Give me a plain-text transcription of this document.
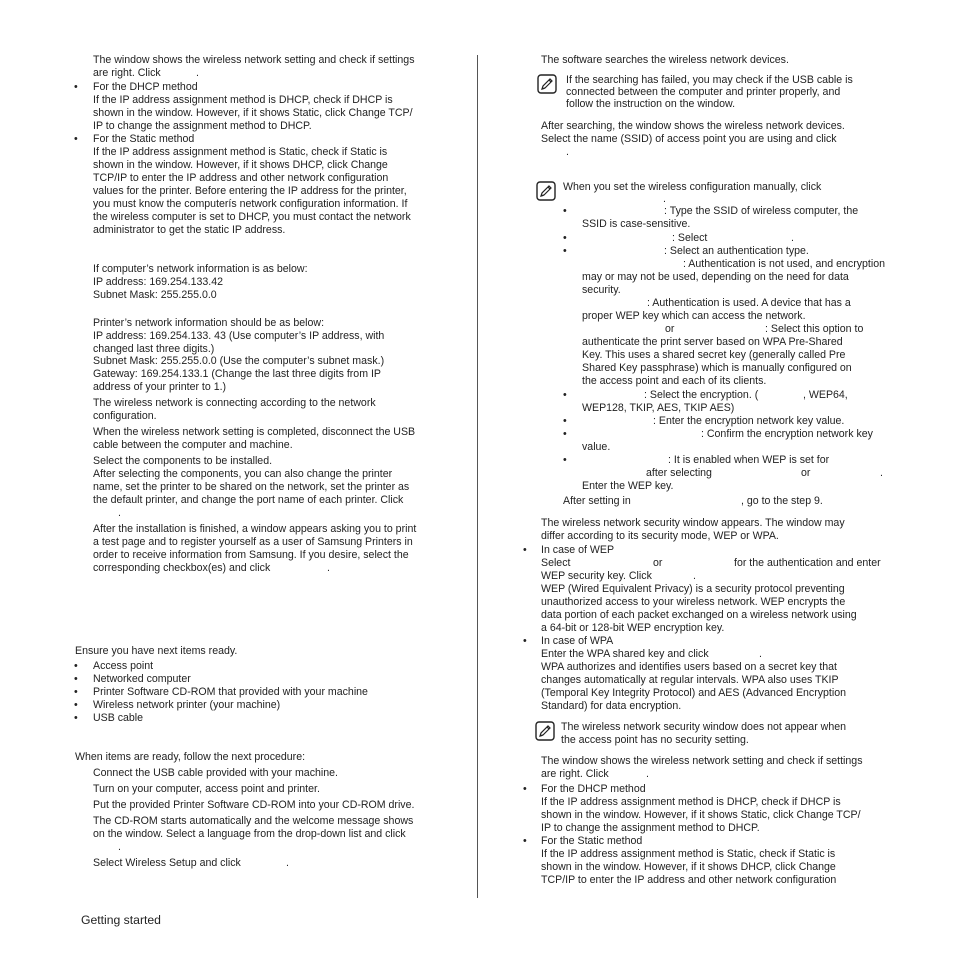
The window shows the wireless network setting and check if settings
are right. Click	.
• For the DHCP method
If the IP address assignment method is DHCP, check if DHCP is
shown in the window. However, if it shows Static, click Change TCP/
IP to change the assignment method to DHCP.
• For the Static method
If the IP address assignment method is Static, check if Static is
shown in the window. However, if it shows DHCP, click Change
TCP/IP to enter the IP address and other network configuration
values for the printer. Before entering the IP address for the printer,
you must know the computerís network configuration information. If
the wireless computer is set to DHCP, you must contact the network
administrator to get the static IP address.
If computer’s network information is as below:
IP address: 169.254.133.42
Subnet Mask: 255.255.0.0
Printer’s network information should be as below:
IP address: 169.254.133. 43 (Use computer’s IP address, with
changed last three digits.)
Subnet Mask: 255.255.0.0 (Use the computer’s subnet mask.)
Gateway: 169.254.133.1 (Change the last three digits from IP
address of your printer to 1.)
The wireless network is connecting according to the network
configuration.
When the wireless network setting is completed, disconnect the USB
cable between the computer and machine.
Select the components to be installed.
After selecting the components, you can also change the printer
name, set the printer to be shared on the network, set the printer as
the default printer, and change the port name of each printer. Click
.
After the installation is finished, a window appears asking you to print
a test page and to register yourself as a user of Samsung Printers in
order to receive information from Samsung. If you desire, select the
corresponding checkbox(es) and click	.
Ensure you have next items ready.
• Access point
• Networked computer
• Printer Software CD-ROM that provided with your machine
• Wireless network printer (your machine)
• USB cable
When items are ready, follow the next procedure:
Connect the USB cable provided with your machine.
Turn on your computer, access point and printer.
Put the provided Printer Software CD-ROM into your CD-ROM drive.
The CD-ROM starts automatically and the welcome message shows
on the window. Select a language from the drop-down list and click
.
Select Wireless Setup and click	.
The software searches the wireless network devices.
If the searching has failed, you may check if the USB cable is
connected between the computer and printer properly, and
follow the instruction on the window.
After searching, the window shows the wireless network devices.
Select the name (SSID) of access point you are using and click
.
When you set the wireless configuration manually, click
.
•	: Type the SSID of wireless computer, the
SSID is case-sensitive.
•	: Select	.
•	: Select an authentication type.
: Authentication is not used, and encryption
may or may not be used, depending on the need for data
security.
: Authentication is used. A device that has a
proper WEP key which can access the network.
or	: Select this option to
authenticate the print server based on WPA Pre-Shared
Key. This uses a shared secret key (generally called Pre
Shared Key passphrase) which is manually configured on
the access point and each of its clients.
•	: Select the encryption. (	, WEP64,
WEP128, TKIP, AES, TKIP AES)
•	: Enter the encryption network key value.
•	: Confirm the encryption network key
value.
•	: It is enabled when WEP is set for
after selecting	or	.
Enter the WEP key.
After setting in	, go to the step 9.
The wireless network security window appears. The window may
differ according to its security mode, WEP or WPA.
• In case of WEP
Select	or	for the authentication and enter
WEP security key. Click	.
WEP (Wired Equivalent Privacy) is a security protocol preventing
unauthorized access to your wireless network. WEP encrypts the
data portion of each packet exchanged on a wireless network using
a 64-bit or 128-bit WEP encryption key.
• In case of WPA
Enter the WPA shared key and click	.
WPA authorizes and identifies users based on a secret key that
changes automatically at regular intervals. WPA also uses TKIP
(Temporal Key Integrity Protocol) and AES (Advanced Encryption
Standard) for data encryption.
The wireless network security window does not appear when
the access point has no security setting.
The window shows the wireless network setting and check if settings
are right. Click	.
• For the DHCP method
If the IP address assignment method is DHCP, check if DHCP is
shown in the window. However, if it shows Static, click Change TCP/
IP to change the assignment method to DHCP.
• For the Static method
If the IP address assignment method is Static, check if Static is
shown in the window. However, if it shows DHCP, click Change
TCP/IP to enter the IP address and other network configuration
Getting started
